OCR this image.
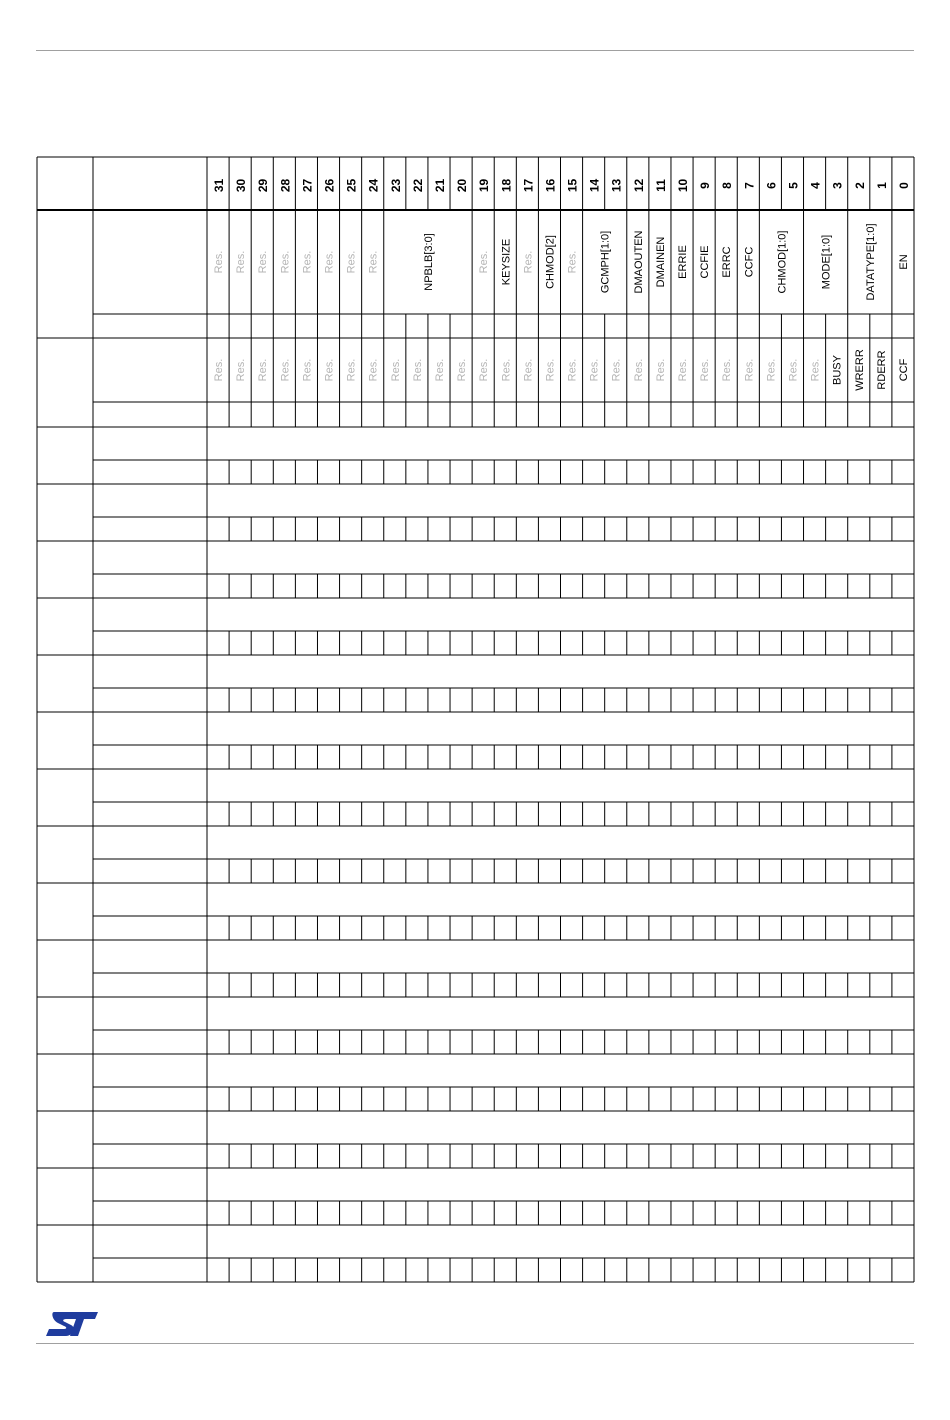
31 30 29 28 27 26 25 24 23 22 21 20 19 18 17 16 15 14 13 12 11 10 9 8 7 6 5 4 3 2 1 0
Res. Res. Res. Res. Res. Res. Res. Res.	NPBLB[3:0]	Res. KEYSIZE Res. CHMOD[2] Res. GCMPH[1:0] DMAOUTEN DMAINEN ERRIE CCFIE ERRC CCFC CHMOD[1:0]	MODE[1:0]	DATATYPE[1:0] EN
Res. Res. Res. Res. Res. Res. Res. Res. Res. Res. Res. Res. Res. Res. Res. Res. Res. Res. Res. Res. Res. Res. Res. Res. Res. Res. Res. Res. BUSY WRERR RDERR CCF
